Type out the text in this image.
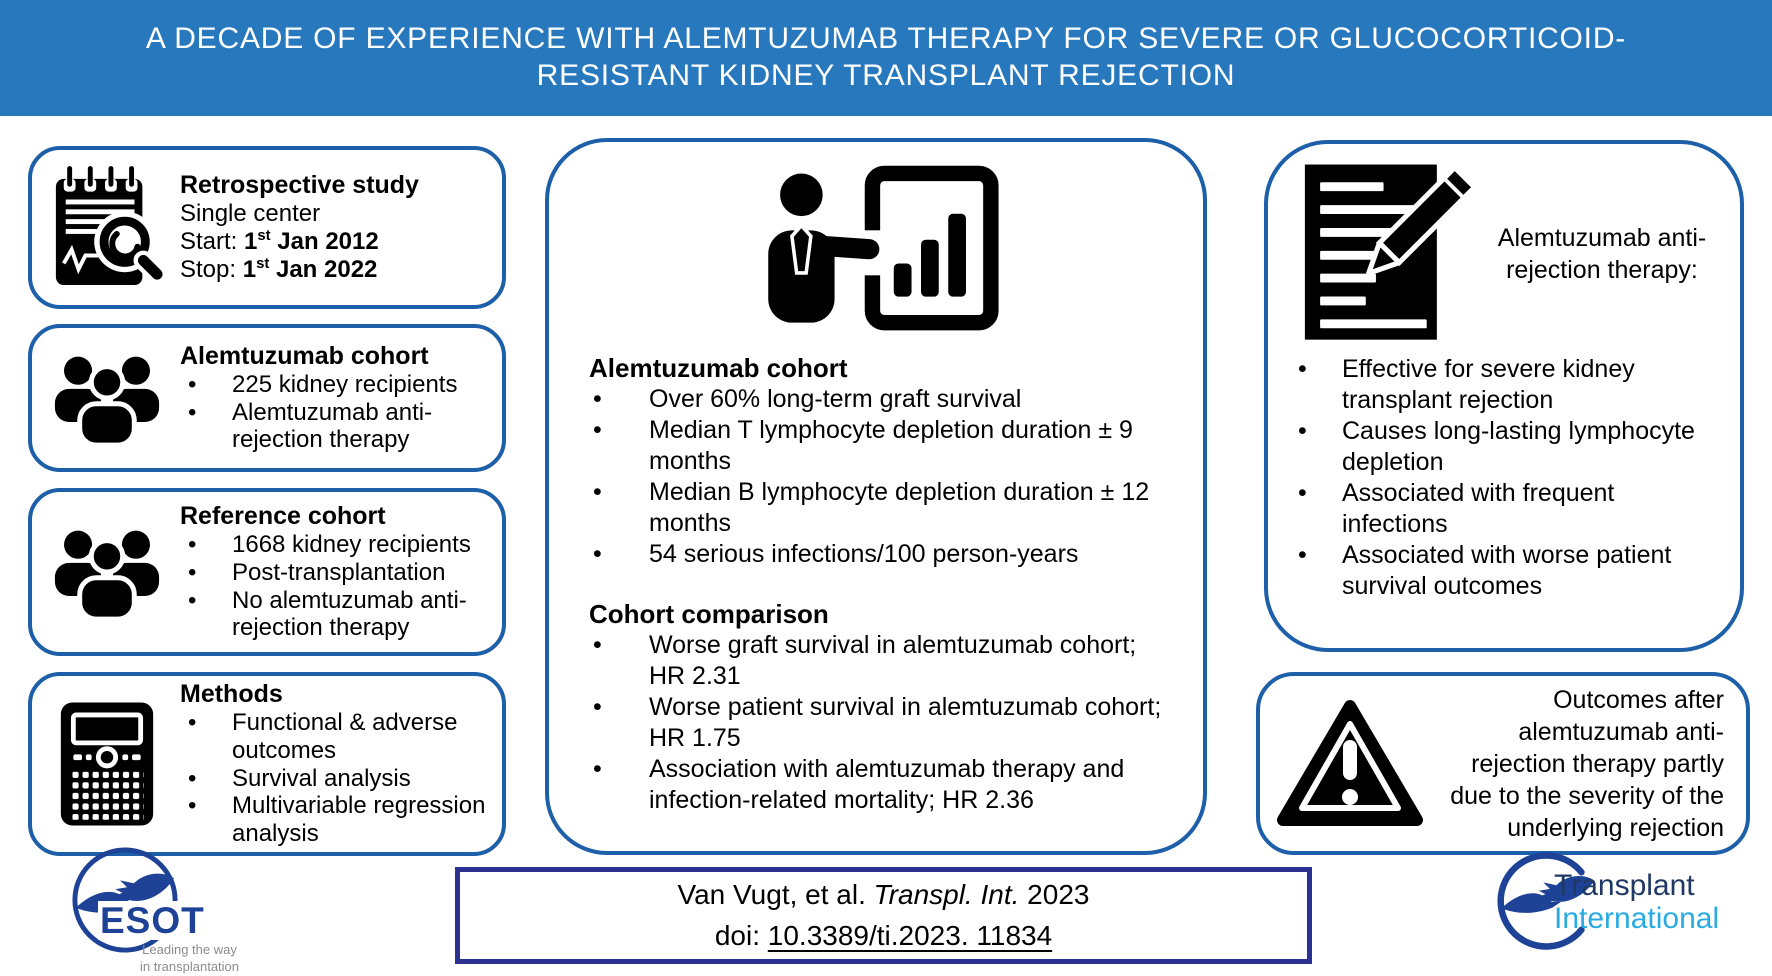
A DECADE OF EXPERIENCE WITH ALEMTUZUMAB THERAPY FOR SEVERE OR GLUCOCORTICOID-
RESISTANT KIDNEY TRANSPLANT REJECTION
Retrospective study
Single center
Start: 1st Jan 2012
Stop: 1st Jan 2022
Alemtuzumab cohort
•	225 kidney recipients
•	Alemtuzumab anti-rejection therapy
Reference cohort
•	1668 kidney recipients
•	Post-transplantation
•	No alemtuzumab anti-rejection therapy
Methods
•	Functional & adverse outcomes
•	Survival analysis
•	Multivariable regression analysis
Alemtuzumab cohort
•	Over 60% long-term graft survival
•	Median T lymphocyte depletion duration ± 9 months
•	Median B lymphocyte depletion duration ± 12 months
•	54 serious infections/100 person-years
Cohort comparison
•	Worse graft survival in alemtuzumab cohort; HR 2.31
•	Worse patient survival in alemtuzumab cohort; HR 1.75
•	Association with alemtuzumab therapy and infection-related mortality; HR 2.36
Alemtuzumab anti-rejection therapy:
•	Effective for severe kidney transplant rejection
•	Causes long-lasting lymphocyte depletion
•	Associated with frequent infections
•	Associated with worse patient survival outcomes
Outcomes after alemtuzumab anti-rejection therapy partly due to the severity of the underlying rejection
ESOT
Leading the way
in transplantation
Van Vugt, et al. Transpl. Int. 2023
doi: 10.3389/ti.2023. 11834
Transplant
International
